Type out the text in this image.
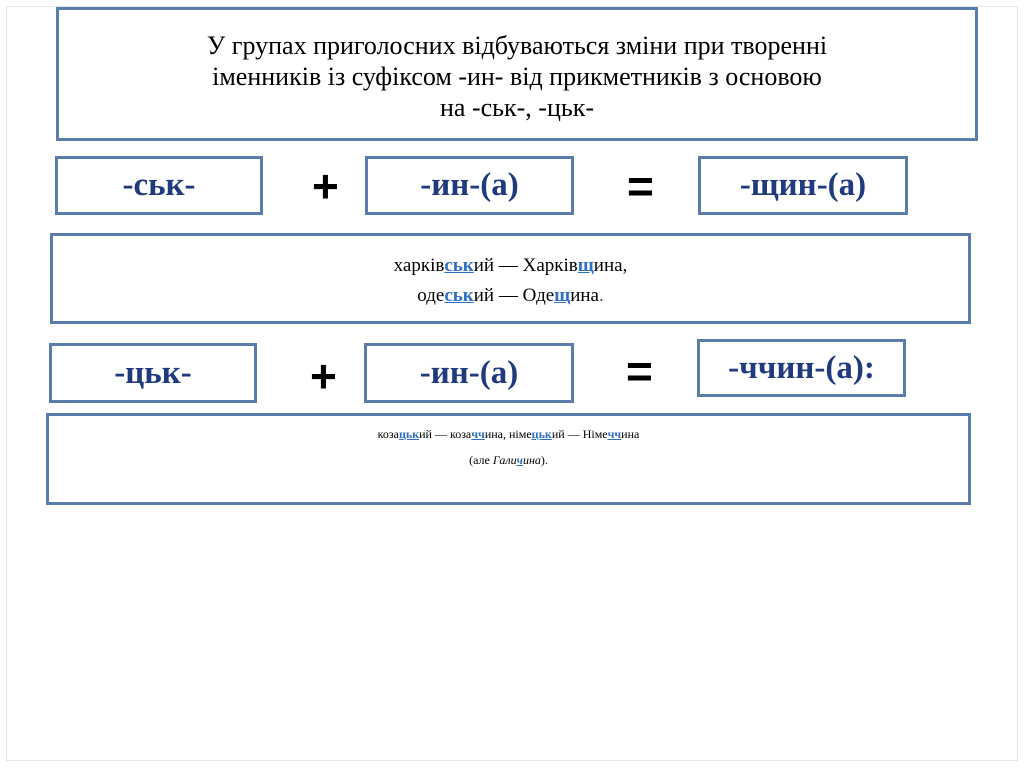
У групах приголосних відбуваються зміни при творенні
іменників із суфіксом -ин- від прикметників з основою
на -ськ-, -цьк-
-ськ-	+	-ин-(а)	=	-щин-(а)
харківський — Харківщина,
одеський — Одещина.
-цьк-	+	-ин-(а)	=	-ччин-(а):
козацький — козаччина, німецький — Німеччина
(але Галичина).
